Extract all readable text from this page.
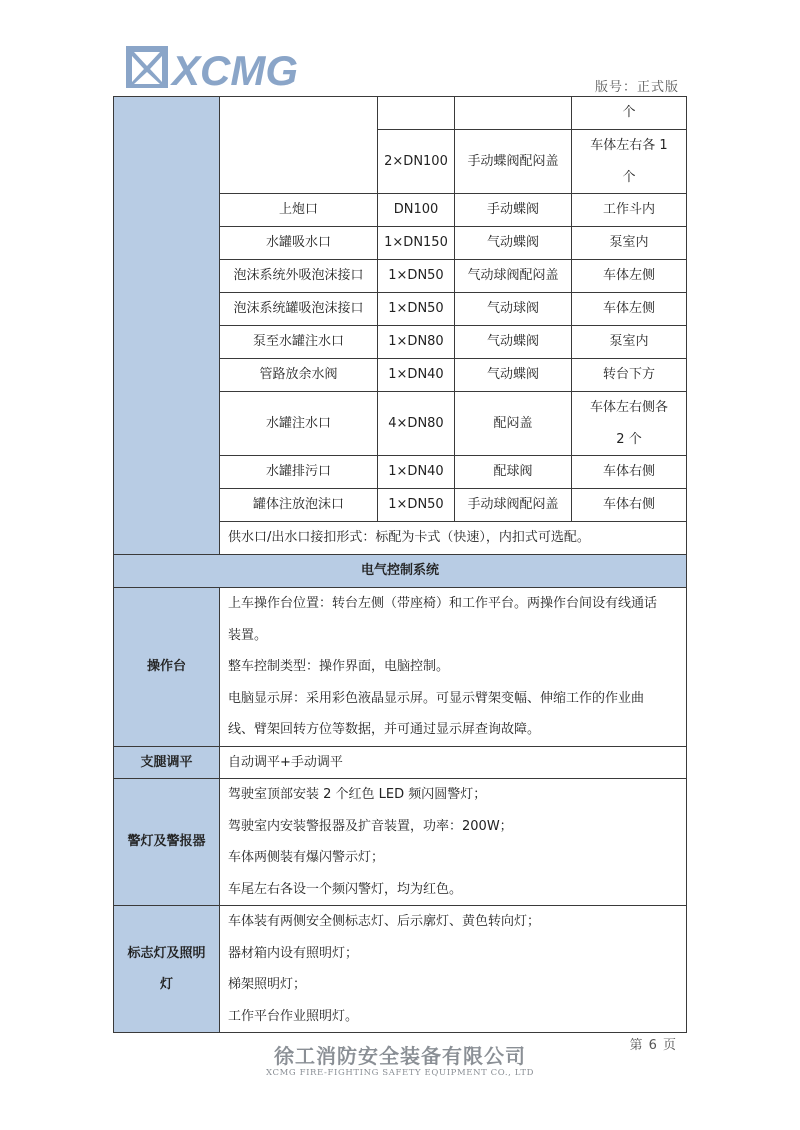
XCMG	版号：正式版

				个

		2×DN100	手动蝶阀配闷盖	车体左右各 1
个

	上炮口	DN100	手动蝶阀	工作斗内

	水罐吸水口	1×DN150	气动蝶阀	泵室内

	泡沫系统外吸泡沫接口	1×DN50	气动球阀配闷盖	车体左侧

	泡沫系统罐吸泡沫接口	1×DN50	气动球阀	车体左侧

	泵至水罐注水口	1×DN80	气动蝶阀	泵室内

	管路放余水阀	1×DN40	气动蝶阀	转台下方

	水罐注水口	4×DN80	配闷盖	车体左右侧各
2 个

	水罐排污口	1×DN40	配球阀	车体右侧

	罐体注放泡沫口	1×DN50	手动球阀配闷盖	车体右侧

	供水口/出水口接扣形式：标配为卡式（快速），内扣式可选配。			
电气控制系统				

操作台	上车操作台位置：转台左侧（带座椅）和工作平台。两操作台间设有线通话
装置。
整车控制类型：操作界面，电脑控制。
电脑显示屏：采用彩色液晶显示屏。可显示臂架变幅、伸缩工作的作业曲
线、臂架回转方位等数据，并可通过显示屏查询故障。			

支腿调平	自动调平+手动调平			

警灯及警报器	驾驶室顶部安装 2 个红色 LED 频闪圆警灯；
驾驶室内安装警报器及扩音装置，功率：200W；
车体两侧装有爆闪警示灯；
车尾左右各设一个频闪警灯，均为红色。			

标志灯及照明
灯	车体装有两侧安全侧标志灯、后示廓灯、黄色转向灯；
器材箱内设有照明灯；
梯架照明灯；
工作平台作业照明灯。			
第 6 页
徐工消防安全装备有限公司
XCMG FIRE-FIGHTING SAFETY EQUIPMENT CO., LTD
